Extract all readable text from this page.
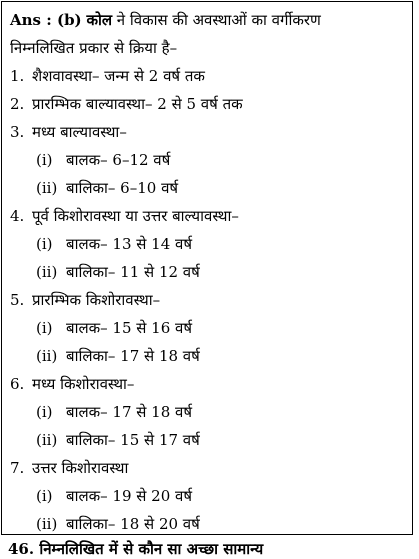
Ans : (b) कोल ने विकास की अवस्थाओं का वर्गीकरण
निम्नलिखित प्रकार से क्रिया है–
1. शैशवावस्था– जन्म से 2 वर्ष तक
2. प्रारम्भिक बाल्यावस्था– 2 से 5 वर्ष तक
3. मध्य बाल्यावस्था–
(i) बालक– 6–12 वर्ष
(ii) बालिका– 6–10 वर्ष
4. पूर्व किशोरावस्था या उत्तर बाल्यावस्था–
(i) बालक– 13 से 14 वर्ष
(ii) बालिका– 11 से 12 वर्ष
5. प्रारम्भिक किशोरावस्था–
(i) बालक– 15 से 16 वर्ष
(ii) बालिका– 17 से 18 वर्ष
6. मध्य किशोरावस्था–
(i) बालक– 17 से 18 वर्ष
(ii) बालिका– 15 से 17 वर्ष
7. उत्तर किशोरावस्था
(i) बालक– 19 से 20 वर्ष
(ii) बालिका– 18 से 20 वर्ष
46. निम्नलिखित में से कौन सा अच्छा सामान्य
